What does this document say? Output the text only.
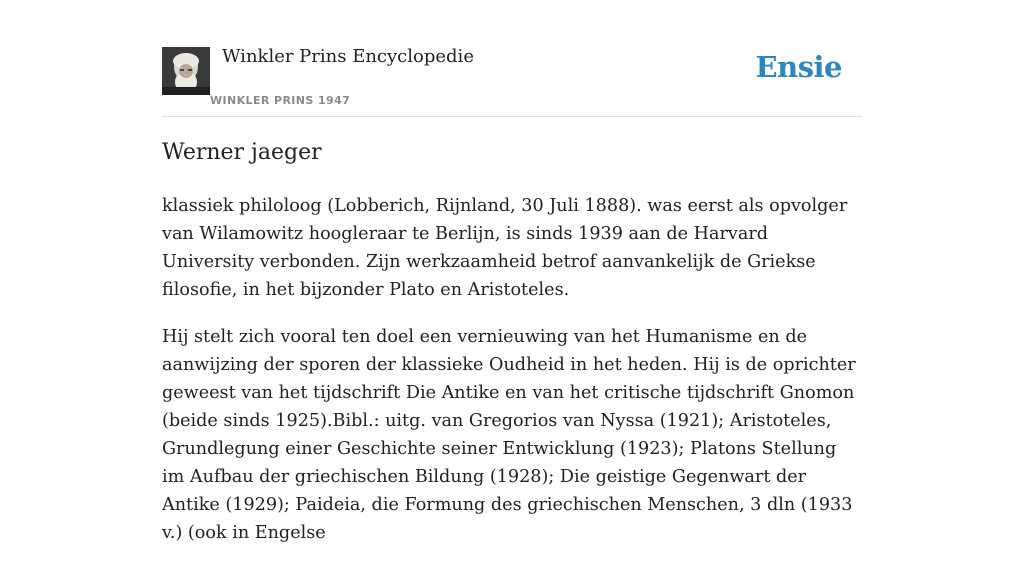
Winkler Prins Encyclopedie
WINKLER PRINS 1947
Ensie
Werner jaeger

klassiek philoloog (Lobberich, Rijnland, 30 Juli 1888). was eerst als opvolger van Wilamowitz hoogleraar te Berlijn, is sinds 1939 aan de Harvard University verbonden. Zijn werkzaamheid betrof aanvankelijk de Griekse filosofie, in het bijzonder Plato en Aristoteles.

Hij stelt zich vooral ten doel een vernieuwing van het Humanisme en de aanwijzing der sporen der klassieke Oudheid in het heden. Hij is de oprichter geweest van het tijdschrift Die Antike en van het critische tijdschrift Gnomon (beide sinds 1925).Bibl.: uitg. van Gregorios van Nyssa (1921); Aristoteles, Grundlegung einer Geschichte seiner Entwicklung (1923); Platons Stellung im Aufbau der griechischen Bildung (1928); Die geistige Gegenwart der Antike (1929); Paideia, die Formung des griechischen Menschen, 3 dln (1933 v.) (ook in Engelse
